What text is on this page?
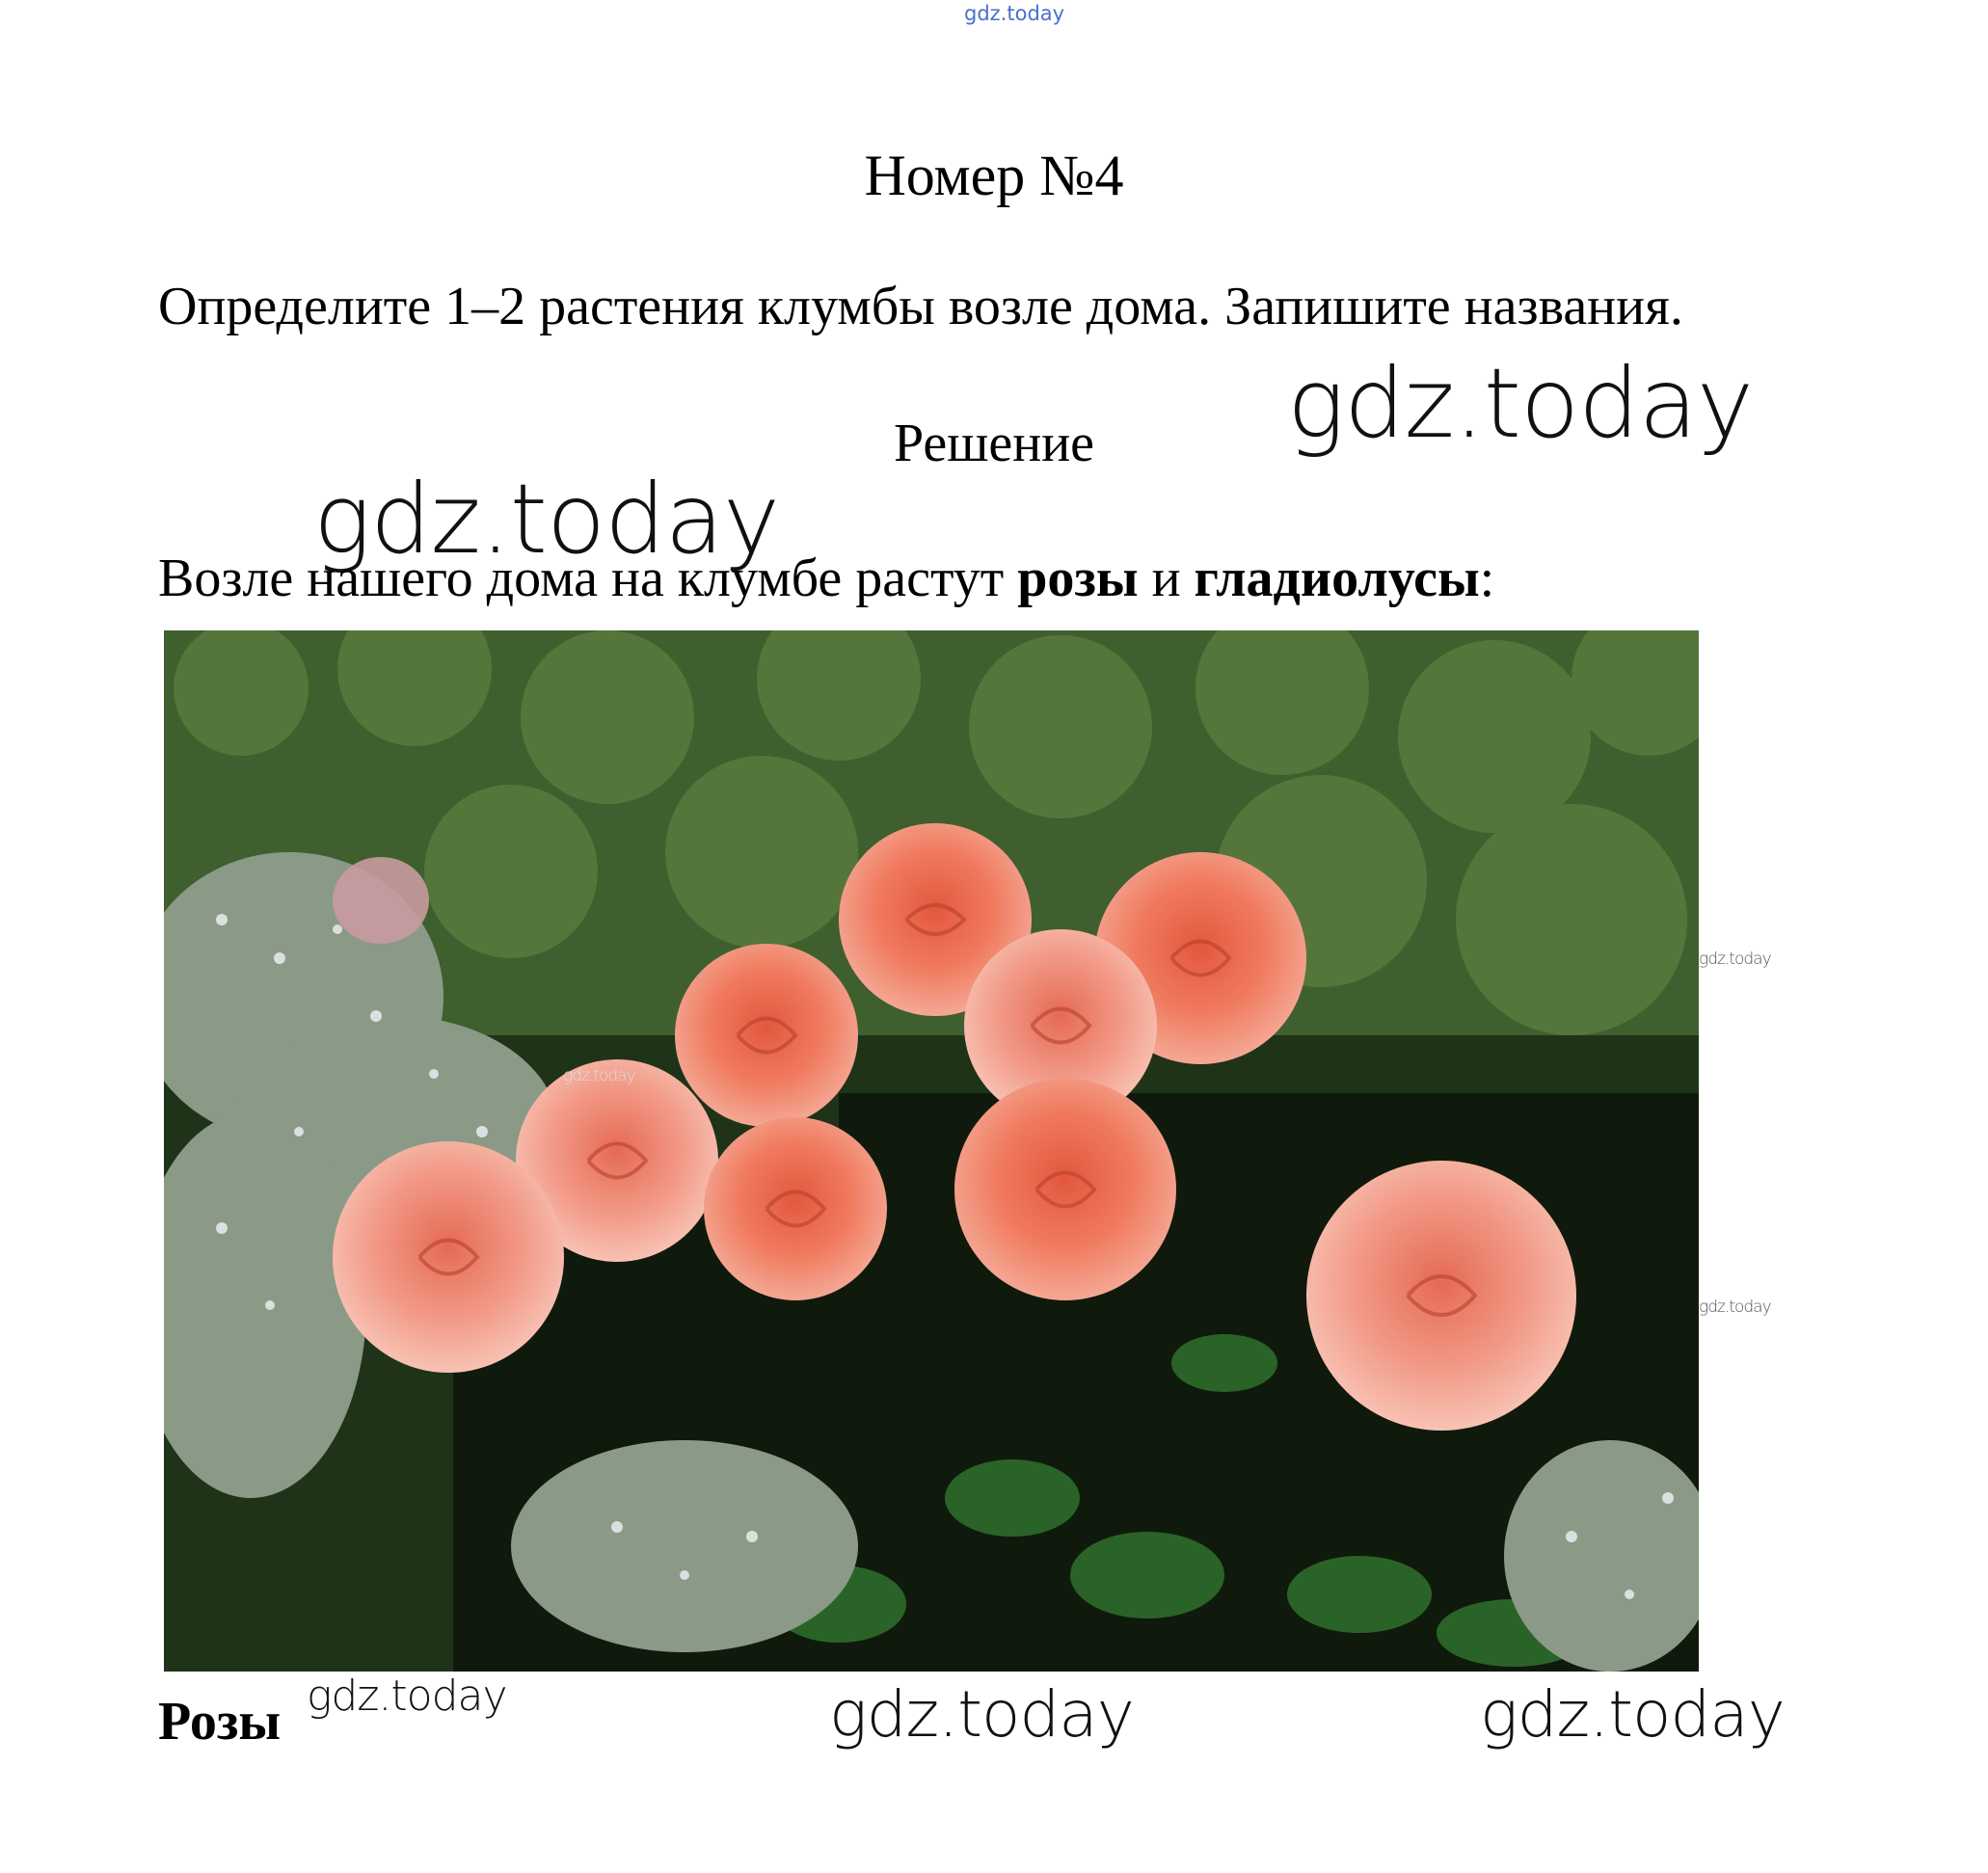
gdz.today
Номер №4
Определите 1–2 растения клумбы возле дома. Запишите названия.
gdz.today
Решение
gdz.today
Возле нашего дома на клумбе растут розы и гладиолусы:
gdz.today
gdz.today
gdz.today
Розы gdz.today	gdz.today	gdz.today
